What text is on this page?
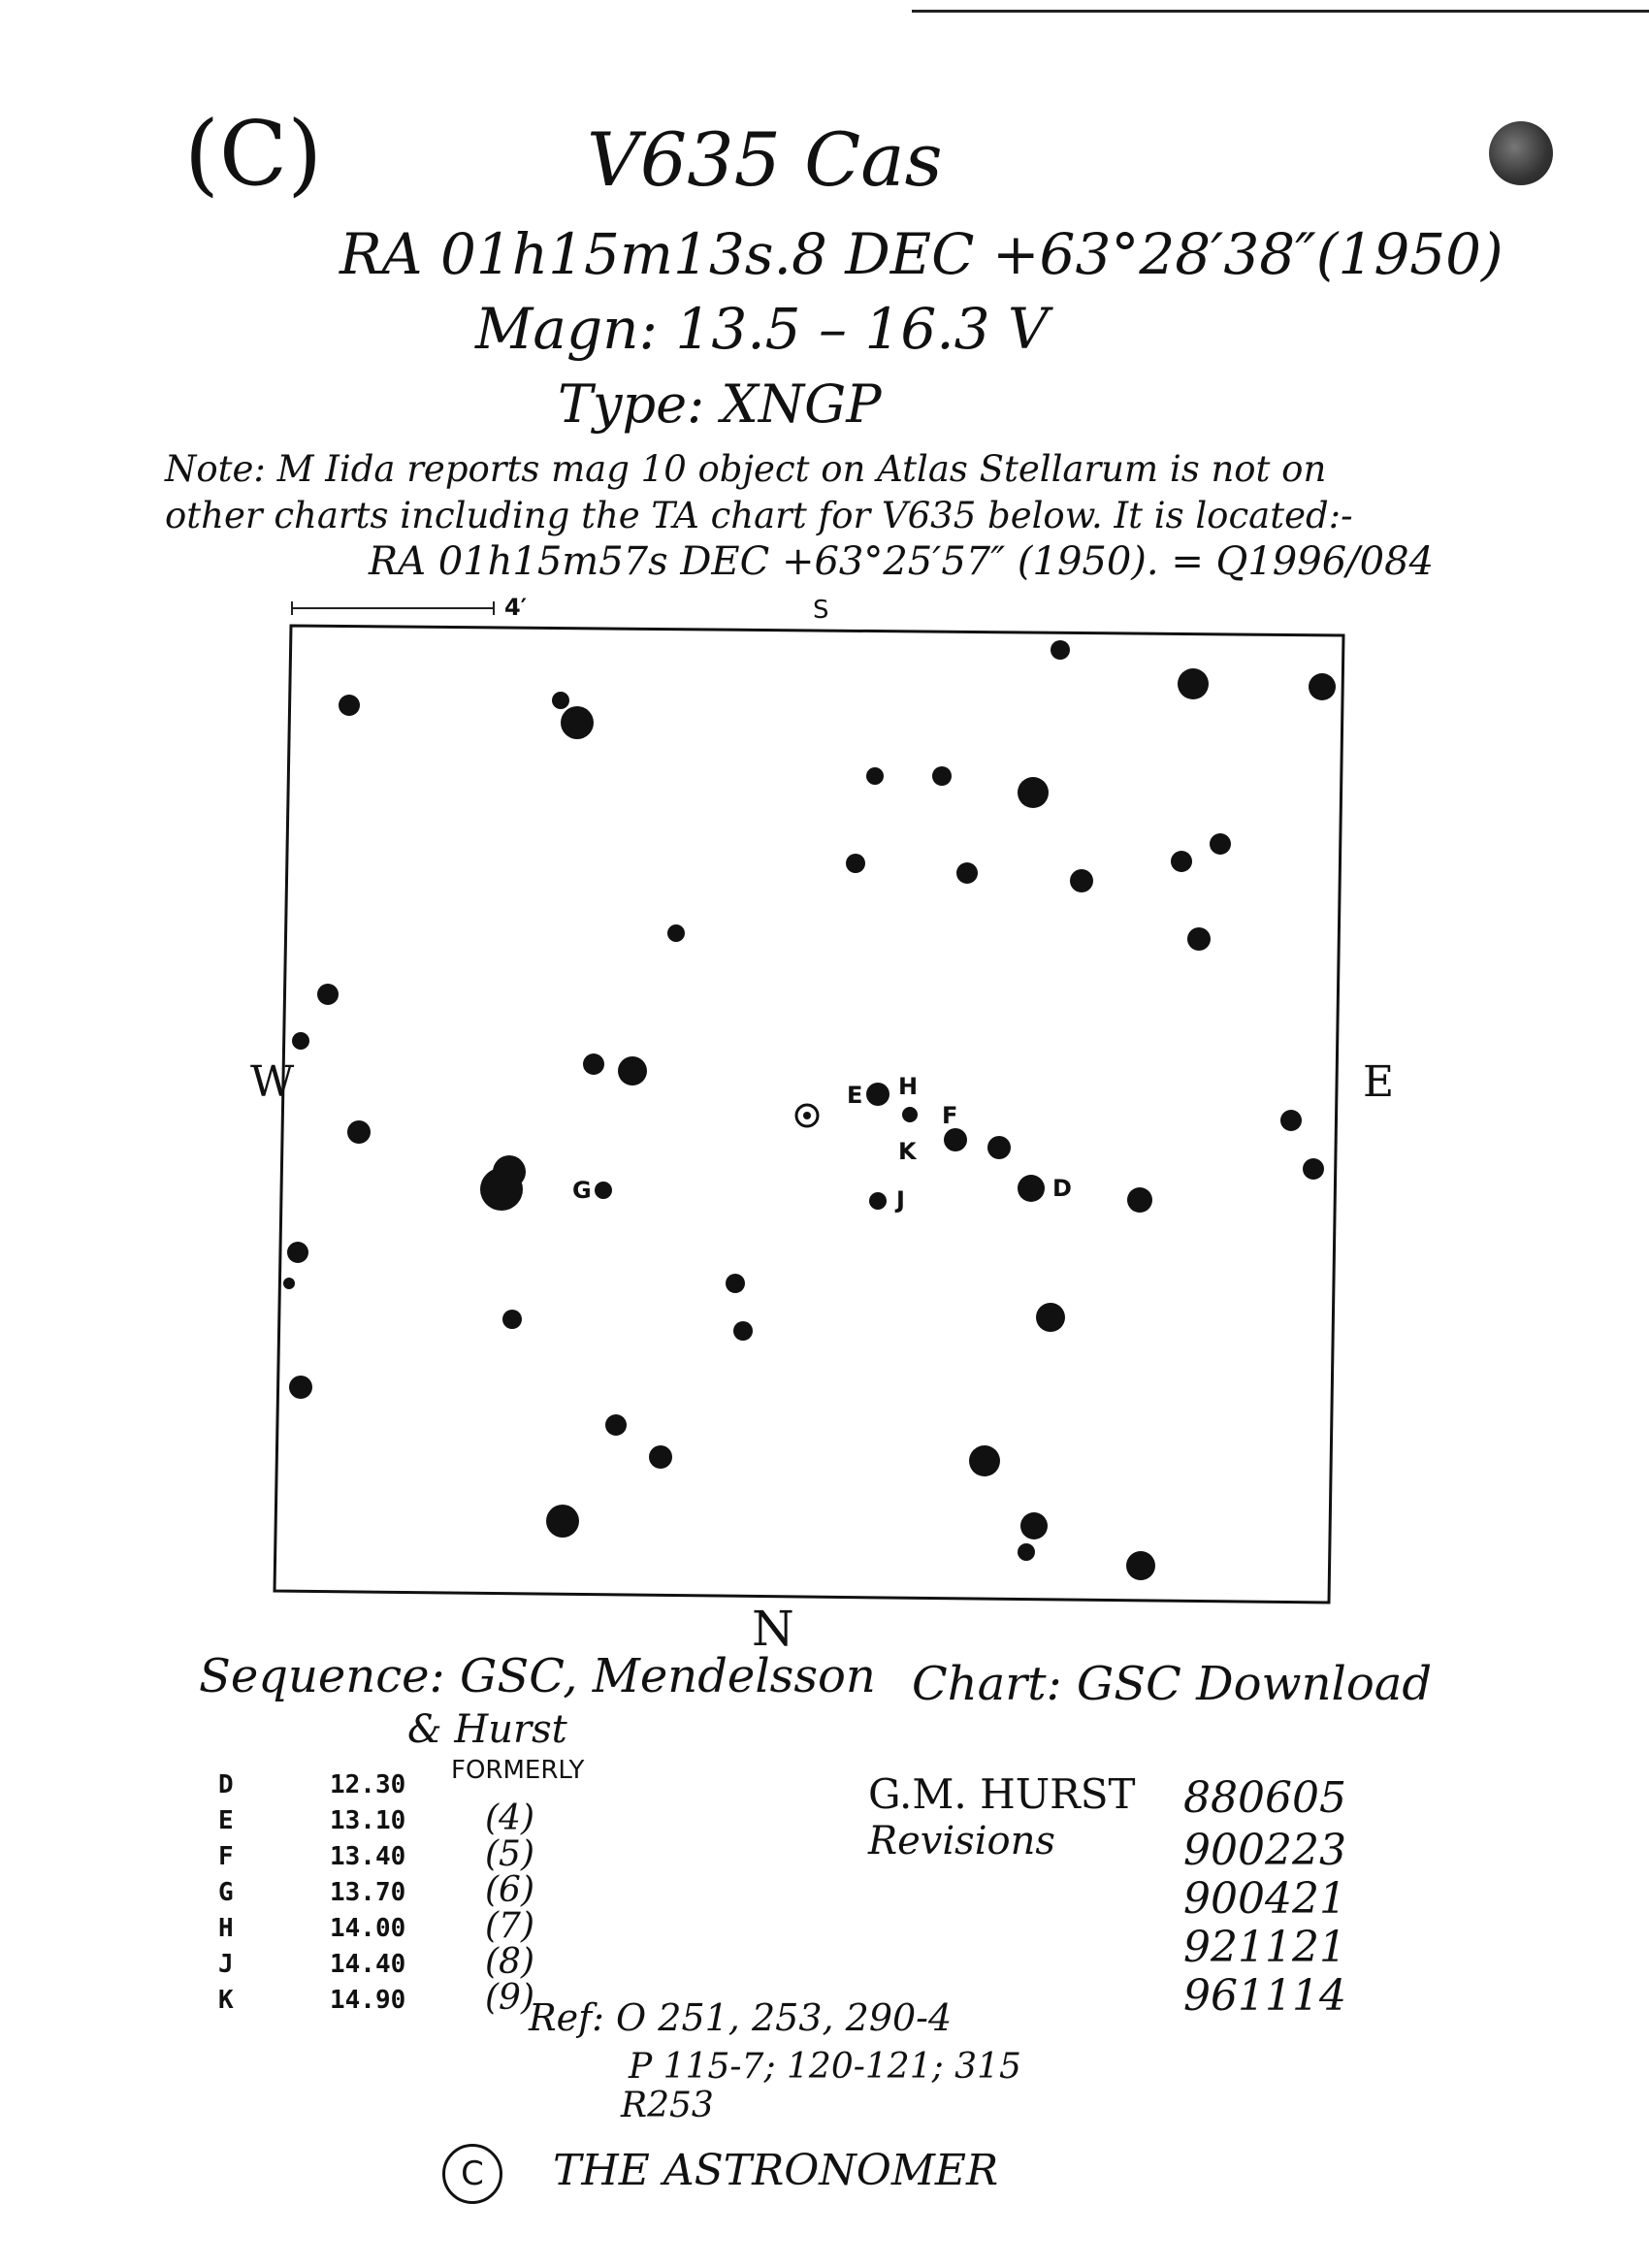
(C)	V635 Cas
RA 01h15m13s.8 DEC +63°28′38″(1950)
Magn: 13.5 – 16.3 V
Type: XNGP
Note: M Iida reports mag 10 object on Atlas Stellarum is not on
other charts including the TA chart for V635 below. It is located:-
RA 01h15m57s DEC +63°25′57″ (1950). = Q1996/084
4′	S
W	E
N
D
E
F
G
H
J
K
Sequence: GSC, Mendelsson
& Hurst
Chart: GSC Download
FORMERLY
D	12.30
E	13.10 (4)
F	13.40 (5)
G	13.70 (6)
H	14.00 (7)
J	14.40 (8)
K	14.90 (9)
G.M. HURST
Revisions
880605
900223
900421
921121
961114
Ref: O 251, 253, 290-4
P 115-7; 120-121; 315
R253
C	THE ASTRONOMER
